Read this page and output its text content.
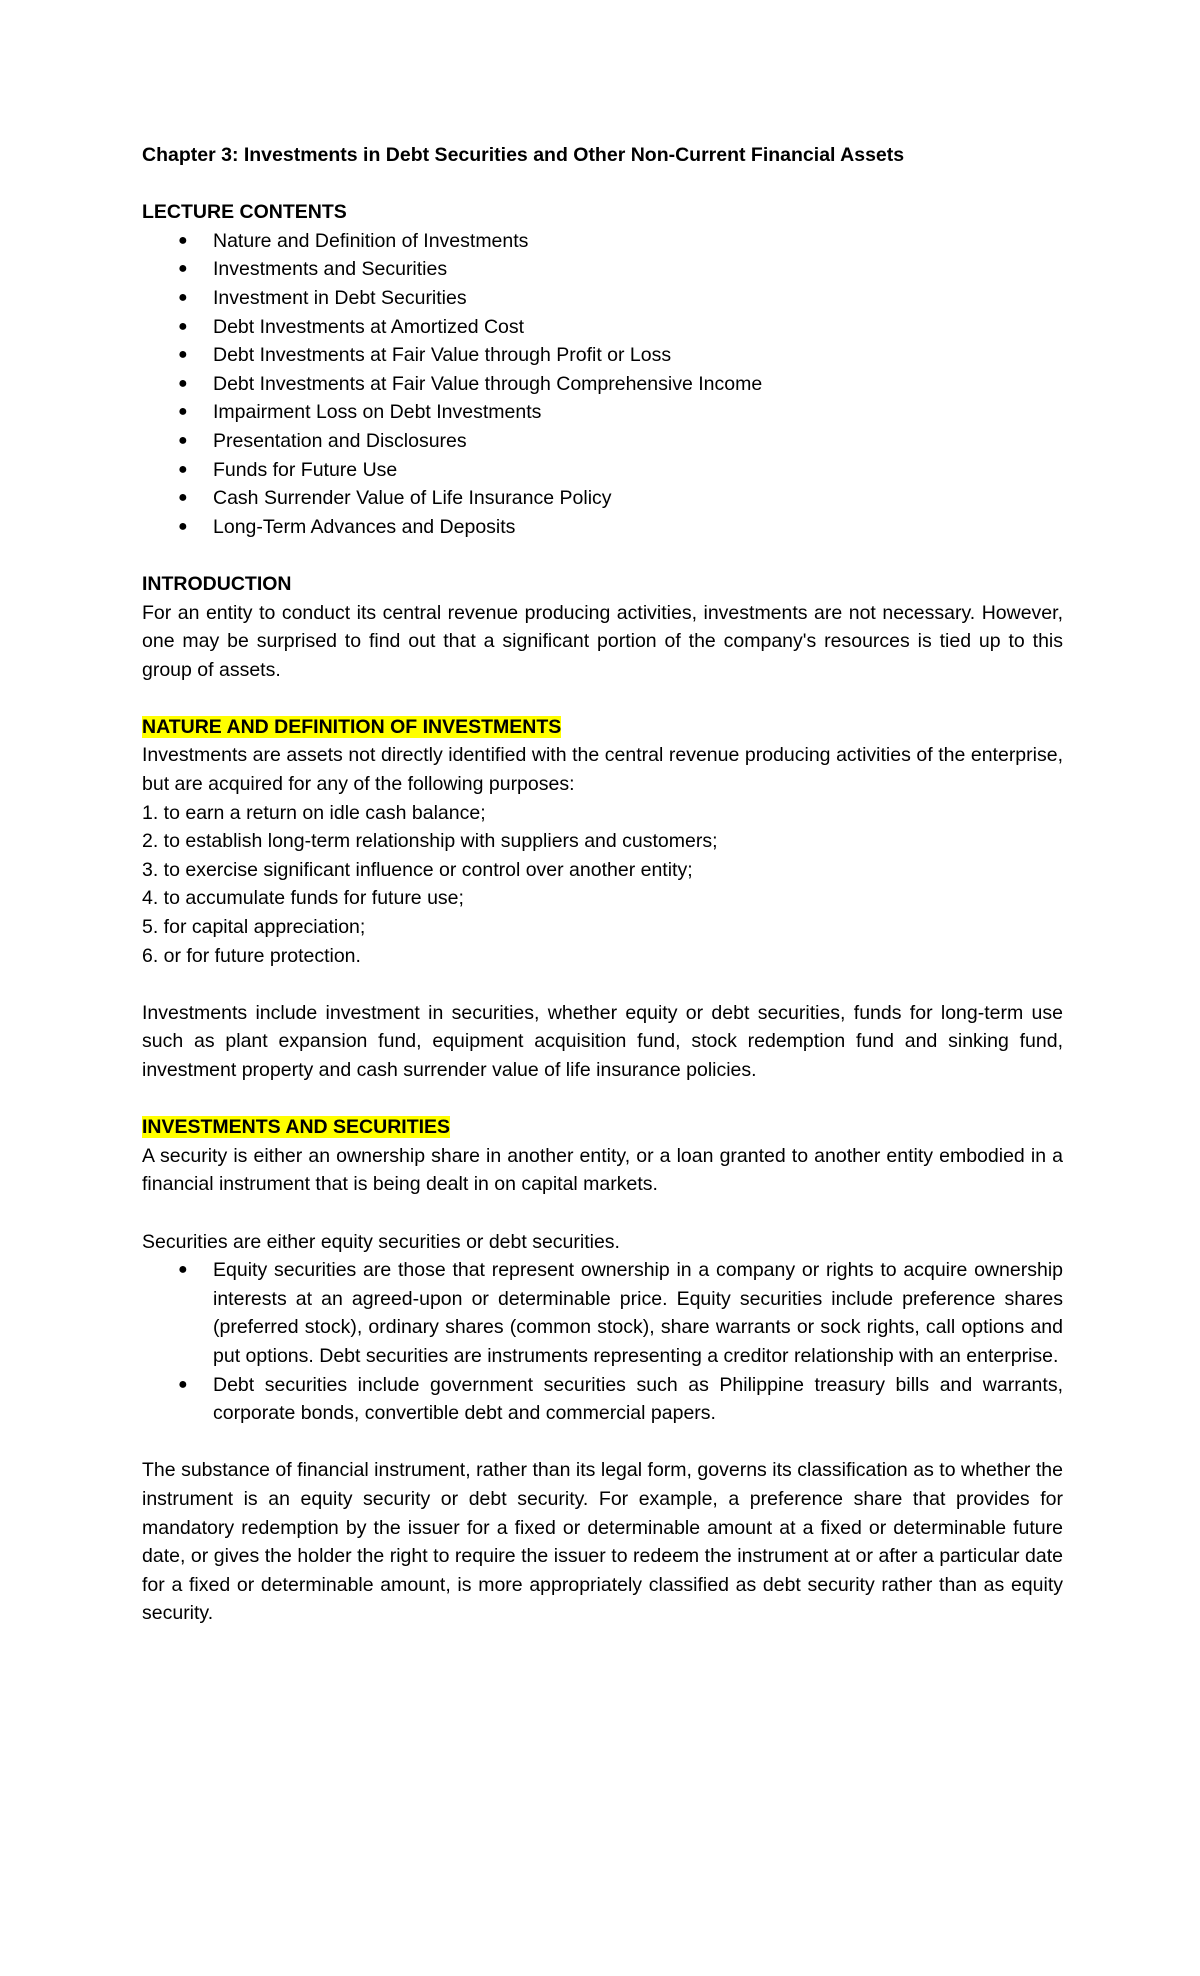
Chapter 3: Investments in Debt Securities and Other Non-Current Financial Assets
LECTURE CONTENTS
● Nature and Definition of Investments
● Investments and Securities
● Investment in Debt Securities
● Debt Investments at Amortized Cost
● Debt Investments at Fair Value through Profit or Loss
● Debt Investments at Fair Value through Comprehensive Income
● Impairment Loss on Debt Investments
● Presentation and Disclosures
● Funds for Future Use
● Cash Surrender Value of Life Insurance Policy
● Long-Term Advances and Deposits
INTRODUCTION

For an entity to conduct its central revenue producing activities, investments are not necessary. However, one may be surprised to find out that a significant portion of the company's resources is tied up to this group of assets.

NATURE AND DEFINITION OF INVESTMENTS

Investments are assets not directly identified with the central revenue producing activities of the enterprise, but are acquired for any of the following purposes:

1. to earn a return on idle cash balance;
2. to establish long-term relationship with suppliers and customers;
3. to exercise significant influence or control over another entity;
4. to accumulate funds for future use;
5. for capital appreciation;
6. or for future protection.

Investments include investment in securities, whether equity or debt securities, funds for long-term use such as plant expansion fund, equipment acquisition fund, stock redemption fund and sinking fund, investment property and cash surrender value of life insurance policies.

INVESTMENTS AND SECURITIES

A security is either an ownership share in another entity, or a loan granted to another entity embodied in a financial instrument that is being dealt in on capital markets.

Securities are either equity securities or debt securities.

● Equity securities are those that represent ownership in a company or rights to acquire ownership interests at an agreed-upon or determinable price. Equity securities include preference shares (preferred stock), ordinary shares (common stock), share warrants or sock rights, call options and put options. Debt securities are instruments representing a creditor relationship with an enterprise.
● Debt securities include government securities such as Philippine treasury bills and warrants, corporate bonds, convertible debt and commercial papers.

The substance of financial instrument, rather than its legal form, governs its classification as to whether the instrument is an equity security or debt security. For example, a preference share that provides for mandatory redemption by the issuer for a fixed or determinable amount at a fixed or determinable future date, or gives the holder the right to require the issuer to redeem the instrument at or after a particular date for a fixed or determinable amount, is more appropriately classified as debt security rather than as equity security.
